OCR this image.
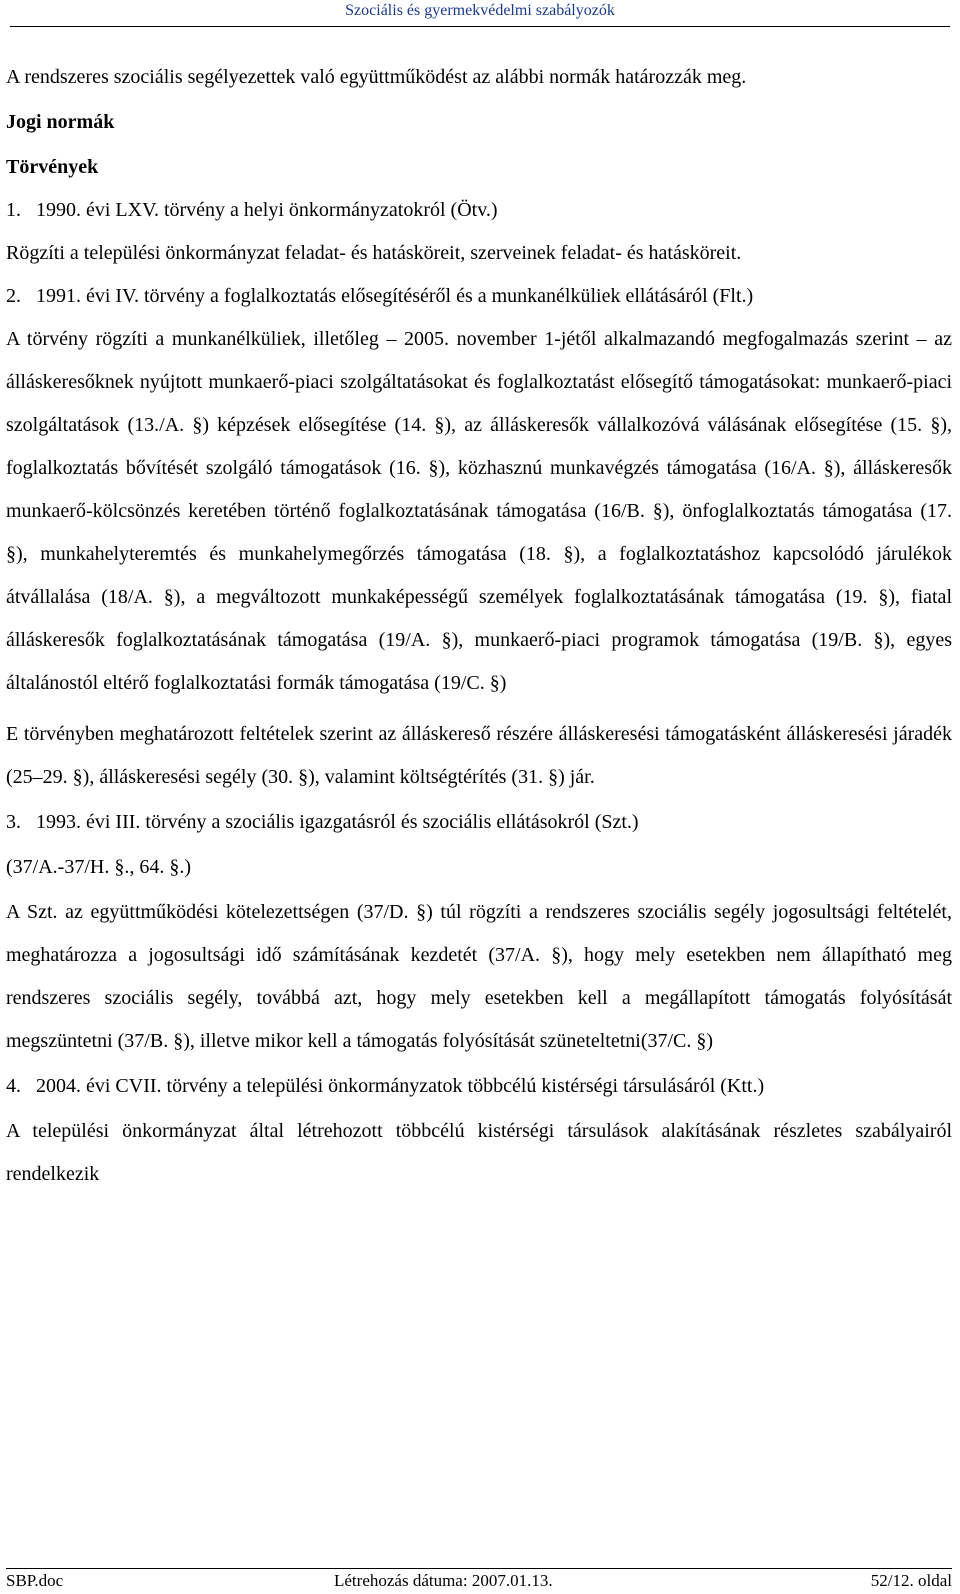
Szociális és gyermekvédelmi szabályozók

A rendszeres szociális segélyezettek való együttműködést az alábbi normák határozzák meg.

Jogi normák

Törvények

1.   1990. évi LXV. törvény a helyi önkormányzatokról (Ötv.)

Rögzíti a települési önkormányzat feladat- és hatásköreit, szerveinek feladat- és hatásköreit.

2.   1991. évi IV. törvény a foglalkoztatás elősegítéséről és a munkanélküliek ellátásáról (Flt.)

A törvény rögzíti a munkanélküliek, illetőleg – 2005. november 1-jétől alkalmazandó megfogalmazás szerint – az álláskeresőknek nyújtott munkaerő-piaci szolgáltatásokat és foglalkoztatást elősegítő támogatásokat: munkaerő-piaci szolgáltatások (13./A. §) képzések elősegítése (14. §), az álláskeresők vállalkozóvá válásának elősegítése (15. §), foglalkoztatás bővítését szolgáló támogatások (16. §), közhasznú munkavégzés támogatása (16/A. §), álláskeresők munkaerő-kölcsönzés keretében történő foglalkoztatásának támogatása (16/B. §), önfoglalkoztatás támogatása (17. §), munkahelyteremtés és munkahelymegőrzés támogatása (18. §), a foglalkoztatáshoz kapcsolódó járulékok átvállalása (18/A. §), a megváltozott munkaképességű személyek foglalkoztatásának támogatása (19. §), fiatal álláskeresők foglalkoztatásának támogatása (19/A. §), munkaerő-piaci programok támogatása (19/B. §), egyes általánostól eltérő foglalkoztatási formák támogatása (19/C. §)

E törvényben meghatározott feltételek szerint az álláskereső részére álláskeresési támogatásként álláskeresési járadék (25–29. §), álláskeresési segély (30. §), valamint költségtérítés (31. §) jár.

3.   1993. évi III. törvény a szociális igazgatásról és szociális ellátásokról (Szt.)

(37/A.-37/H. §., 64. §.)

A Szt. az együttműködési kötelezettségen (37/D. §) túl rögzíti a rendszeres szociális segély jogosultsági feltételét, meghatározza a jogosultsági idő számításának kezdetét (37/A. §), hogy mely esetekben nem állapítható meg rendszeres szociális segély, továbbá azt, hogy mely esetekben kell a megállapított támogatás folyósítását megszüntetni (37/B. §), illetve mikor kell a támogatás folyósítását szüneteltetni(37/C. §)

4.   2004. évi CVII. törvény a települési önkormányzatok többcélú kistérségi társulásáról (Ktt.)

A települési önkormányzat által létrehozott többcélú kistérségi társulások alakításának részletes szabályairól rendelkezik

SBP.doc	Létrehozás dátuma: 2007.01.13.	52/12. oldal
